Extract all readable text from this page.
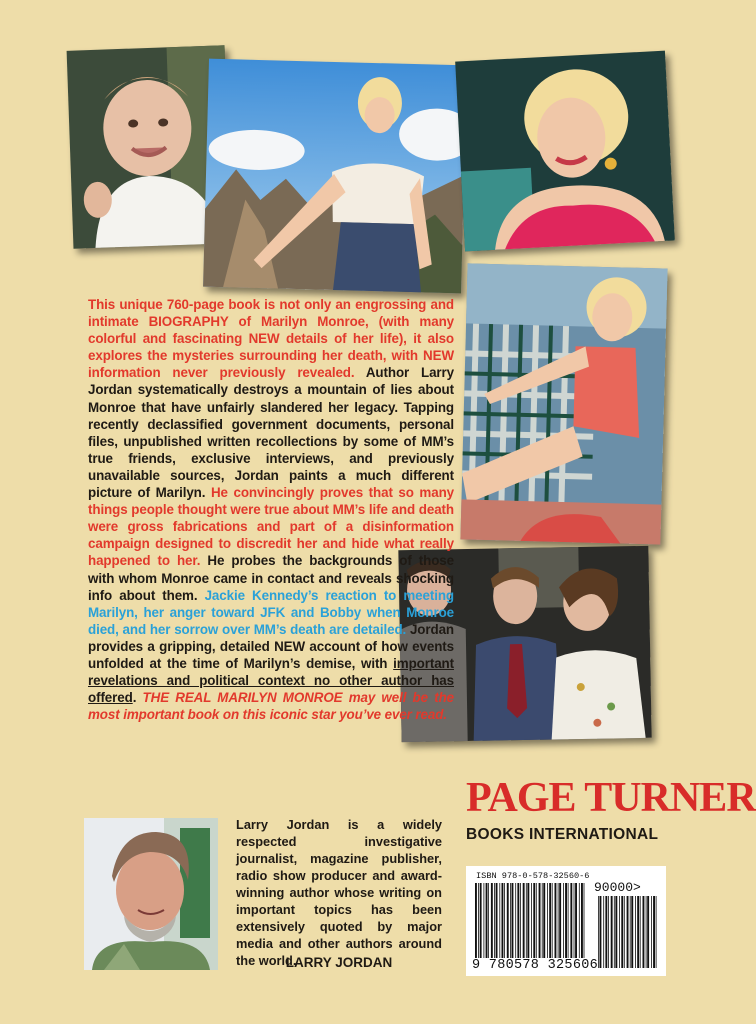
This unique 760-page book is not only an engrossing and intimate BIOGRAPHY of Marilyn Monroe, (with many colorful and fascinating NEW details of her life), it also explores the mysteries surrounding her death, with NEW information never previously revealed. Author Larry Jordan systematically destroys a mountain of lies about Monroe that have unfairly slandered her legacy. Tapping recently declassified government documents, personal files, unpublished written recollections by some of MM’s true friends, exclusive interviews, and previously unavailable sources, Jordan paints a much different picture of Marilyn. He convincingly proves that so many things people thought were true about MM’s life and death were gross fabrications and part of a disinformation campaign designed to discredit her and hide what really happened to her. He probes the backgrounds of those with whom Monroe came in contact and reveals shocking info about them. Jackie Kennedy’s reaction to meeting Marilyn, her anger toward JFK and Bobby when Monroe died, and her sorrow over MM’s death are detailed. Jordan provides a gripping, detailed NEW account of how events unfolded at the time of Marilyn’s demise, with important revelations and political context no other author has offered. THE REAL MARILYN MONROE may well be the most important book on this iconic star you’ve ever read.
Larry Jordan is a widely respected investigative journalist, magazine publisher, radio show producer and award-winning author whose writing on important topics has been extensively quoted by major media and other authors around the world.
LARRY JORDAN
PAGE TURNER
BOOKS INTERNATIONAL
ISBN 978-0-578-32560-6
90000>
9 780578 325606
